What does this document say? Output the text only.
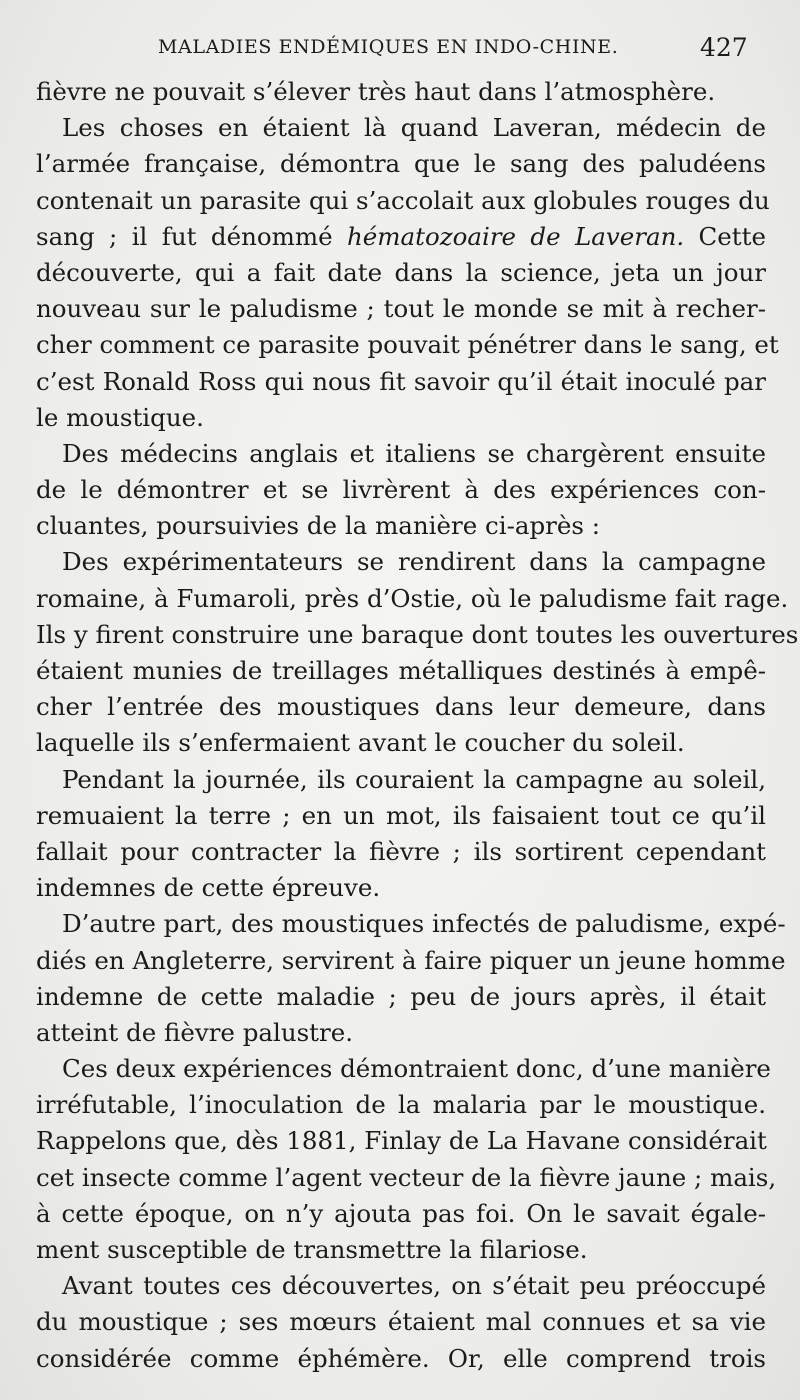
MALADIES ENDÉMIQUES EN INDO-CHINE.	427
fièvre ne pouvait s’élever très haut dans l’atmosphère.
Les choses en étaient là quand Laveran, médecin de
l’armée française, démontra que le sang des paludéens
contenait un parasite qui s’accolait aux globules rouges du
sang ; il fut dénommé hématozoaire de Laveran. Cette
découverte, qui a fait date dans la science, jeta un jour
nouveau sur le paludisme ; tout le monde se mit à recher-
cher comment ce parasite pouvait pénétrer dans le sang, et
c’est Ronald Ross qui nous fit savoir qu’il était inoculé par
le moustique.
Des médecins anglais et italiens se chargèrent ensuite
de le démontrer et se livrèrent à des expériences con-
cluantes, poursuivies de la manière ci-après :
Des expérimentateurs se rendirent dans la campagne
romaine, à Fumaroli, près d’Ostie, où le paludisme fait rage.
Ils y firent construire une baraque dont toutes les ouvertures
étaient munies de treillages métalliques destinés à empê-
cher l’entrée des moustiques dans leur demeure, dans
laquelle ils s’enfermaient avant le coucher du soleil.
Pendant la journée, ils couraient la campagne au soleil,
remuaient la terre ; en un mot, ils faisaient tout ce qu’il
fallait pour contracter la fièvre ; ils sortirent cependant
indemnes de cette épreuve.
D’autre part, des moustiques infectés de paludisme, expé-
diés en Angleterre, servirent à faire piquer un jeune homme
indemne de cette maladie ; peu de jours après, il était
atteint de fièvre palustre.
Ces deux expériences démontraient donc, d’une manière
irréfutable, l’inoculation de la malaria par le moustique.
Rappelons que, dès 1881, Finlay de La Havane considérait
cet insecte comme l’agent vecteur de la fièvre jaune ; mais,
à cette époque, on n’y ajouta pas foi. On le savait égale-
ment susceptible de transmettre la filariose.
Avant toutes ces découvertes, on s’était peu préoccupé
du moustique ; ses mœurs étaient mal connues et sa vie
considérée comme éphémère. Or, elle comprend trois
